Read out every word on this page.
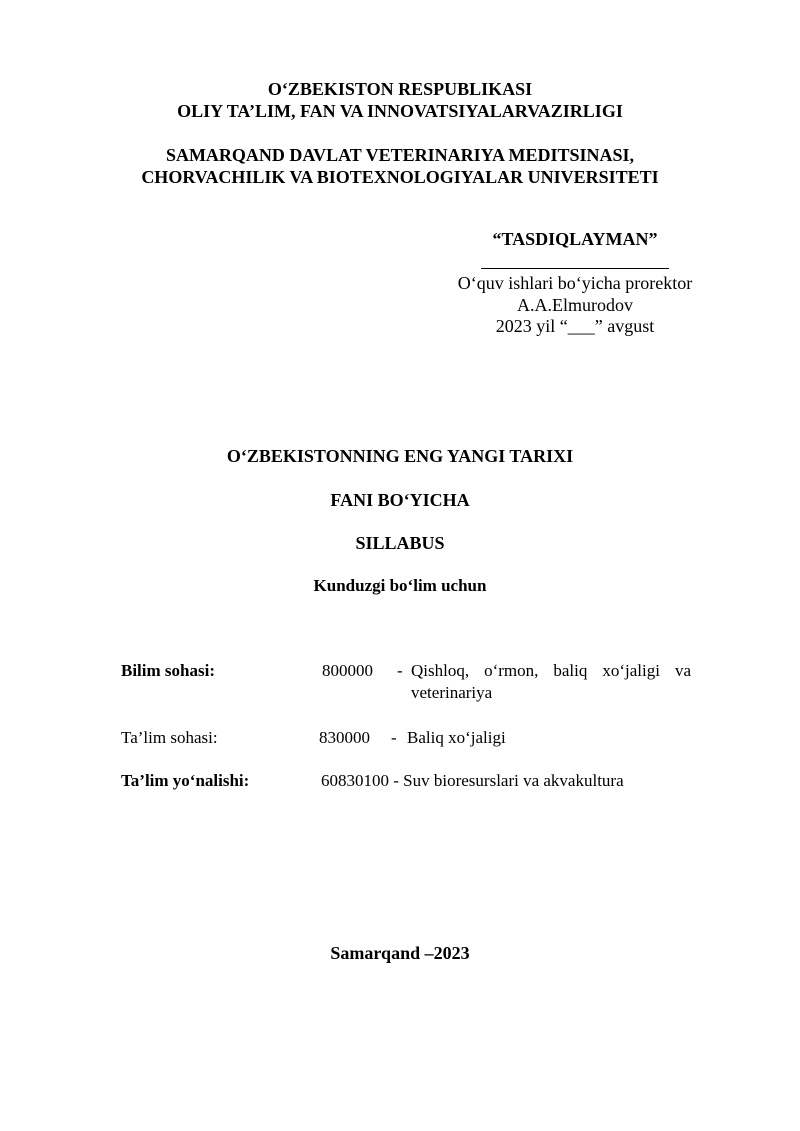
O‘ZBEKISTON RESPUBLIKASI
OLIY TA’LIM, FAN VA INNOVATSIYALARVAZIRLIGI
SAMARQAND DAVLAT VETERINARIYA MEDITSINASI,
CHORVACHILIK VA BIOTEXNOLOGIYALAR UNIVERSITETI
“TASDIQLAYMAN”
O‘quv ishlari bo‘yicha prorektor
A.A.Elmurodov
2023 yil “___” avgust
O‘ZBEKISTONNING ENG YANGI TARIXI
FANI BO‘YICHA
SILLABUS
Kunduzgi bo‘lim uchun
Bilim sohasi:	800000 - Qishloq, o‘rmon, baliq xo‘jaligi va veterinariya
Ta’lim sohasi:	830000 - Baliq xo‘jaligi
Ta’lim yo‘nalishi:	60830100 - Suv bioresurslari va akvakultura
Samarqand –2023
